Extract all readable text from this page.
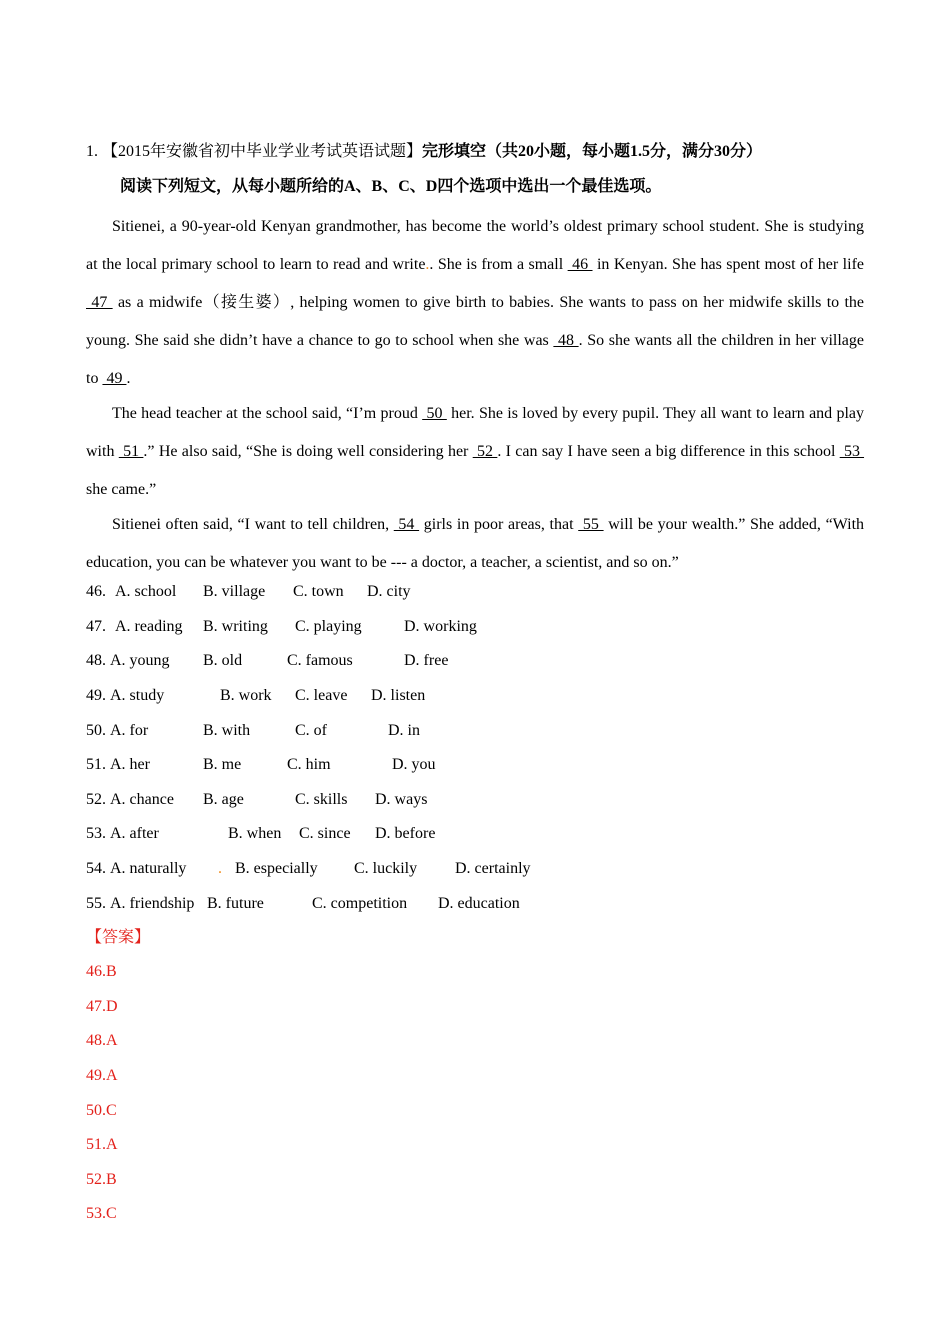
1. 【2015年安徽省初中毕业学业考试英语试题】完形填空（共20小题，每小题1.5分，满分30分）
阅读下列短文，从每小题所给的A、B、C、D四个选项中选出一个最佳选项。
Sitienei, a 90-year-old Kenyan grandmother, has become the world’s oldest primary school student. She is studying at the local primary school to learn to read and write.. She is from a small  46  in Kenyan. She has spent most of her life  47  as a midwife（接生婆）, helping women to give birth to babies. She wants to pass on her midwife skills to the young. She said she didn’t have a chance to go to school when she was  48 . So she wants all the children in her village to  49 .
The head teacher at the school said, “I’m proud  50  her. She is loved by every pupil. They all want to learn and play with  51 .” He also said, “She is doing well considering her  52 . I can say I have seen a big difference in this school  53  she came.”
Sitienei often said, “I want to tell children,  54  girls in poor areas, that  55  will be your wealth.” She added, “With education, you can be whatever you want to be --- a doctor, a teacher, a scientist, and so on.”
46. A. school B. village C. town D. city
47. A. reading B. writing C. playing	D. working
48. A. young B. old	C. famous	D. free
49. A. study	B. work C. leave D. listen
50. A. for	B. with	C. of	D. in
51. A. her	B. me	C. him	D. you
52. A. chance B. age	C. skills D. ways
53. A. after	B. when C. since D. before
54. A. naturally . B. especially C. luckily D. certainly
55. A. friendship B. future	C. competition D. education
【答案】
46.B
47.D
48.A
49.A
50.C
51.A
52.B
53.C
